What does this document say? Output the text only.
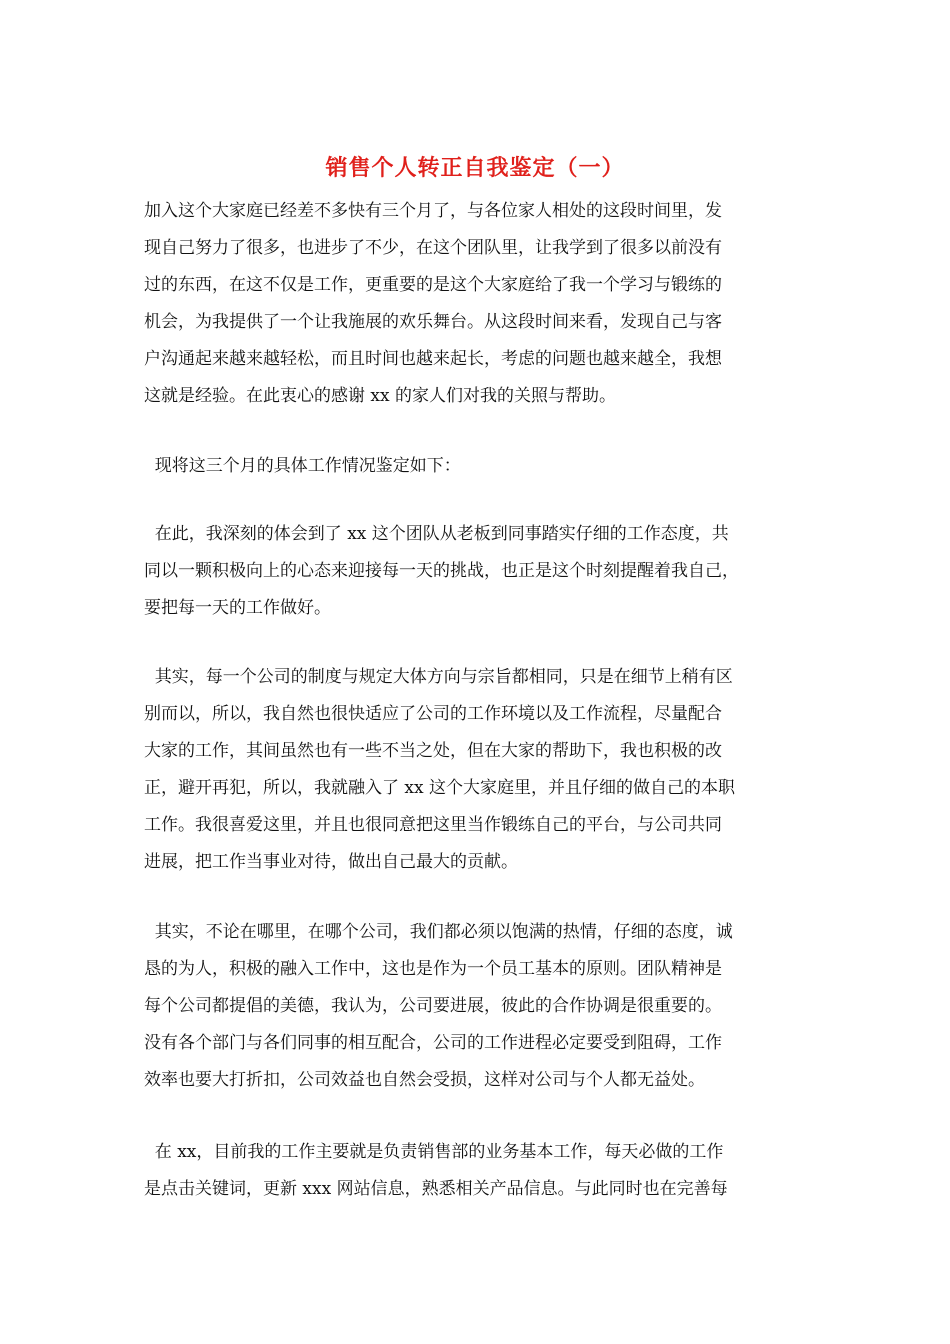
销售个人转正自我鉴定（一）

加入这个大家庭已经差不多快有三个月了，与各位家人相处的这段时间里，发
现自己努力了很多，也进步了不少，在这个团队里，让我学到了很多以前没有
过的东西，在这不仅是工作，更重要的是这个大家庭给了我一个学习与锻练的
机会，为我提供了一个让我施展的欢乐舞台。从这段时间来看，发现自己与客
户沟通起来越来越轻松，而且时间也越来起长，考虑的问题也越来越全，我想
这就是经验。在此衷心的感谢 xx 的家人们对我的关照与帮助。

现将这三个月的具体工作情况鉴定如下：

在此，我深刻的体会到了 xx 这个团队从老板到同事踏实仔细的工作态度，共
同以一颗积极向上的心态来迎接每一天的挑战，也正是这个时刻提醒着我自己，
要把每一天的工作做好。

其实，每一个公司的制度与规定大体方向与宗旨都相同，只是在细节上稍有区
别而以，所以，我自然也很快适应了公司的工作环境以及工作流程，尽量配合
大家的工作，其间虽然也有一些不当之处，但在大家的帮助下，我也积极的改
正，避开再犯，所以，我就融入了 xx 这个大家庭里，并且仔细的做自己的本职
工作。我很喜爱这里，并且也很同意把这里当作锻练自己的平台，与公司共同
进展，把工作当事业对待，做出自己最大的贡献。

其实，不论在哪里，在哪个公司，我们都必须以饱满的热情，仔细的态度，诚
恳的为人，积极的融入工作中，这也是作为一个员工基本的原则。团队精神是
每个公司都提倡的美德，我认为，公司要进展，彼此的合作协调是很重要的。
没有各个部门与各们同事的相互配合，公司的工作进程必定要受到阻碍，工作
效率也要大打折扣，公司效益也自然会受损，这样对公司与个人都无益处。

在 xx，目前我的工作主要就是负责销售部的业务基本工作，每天必做的工作
是点击关键词，更新 xxx 网站信息，熟悉相关产品信息。与此同时也在完善每
